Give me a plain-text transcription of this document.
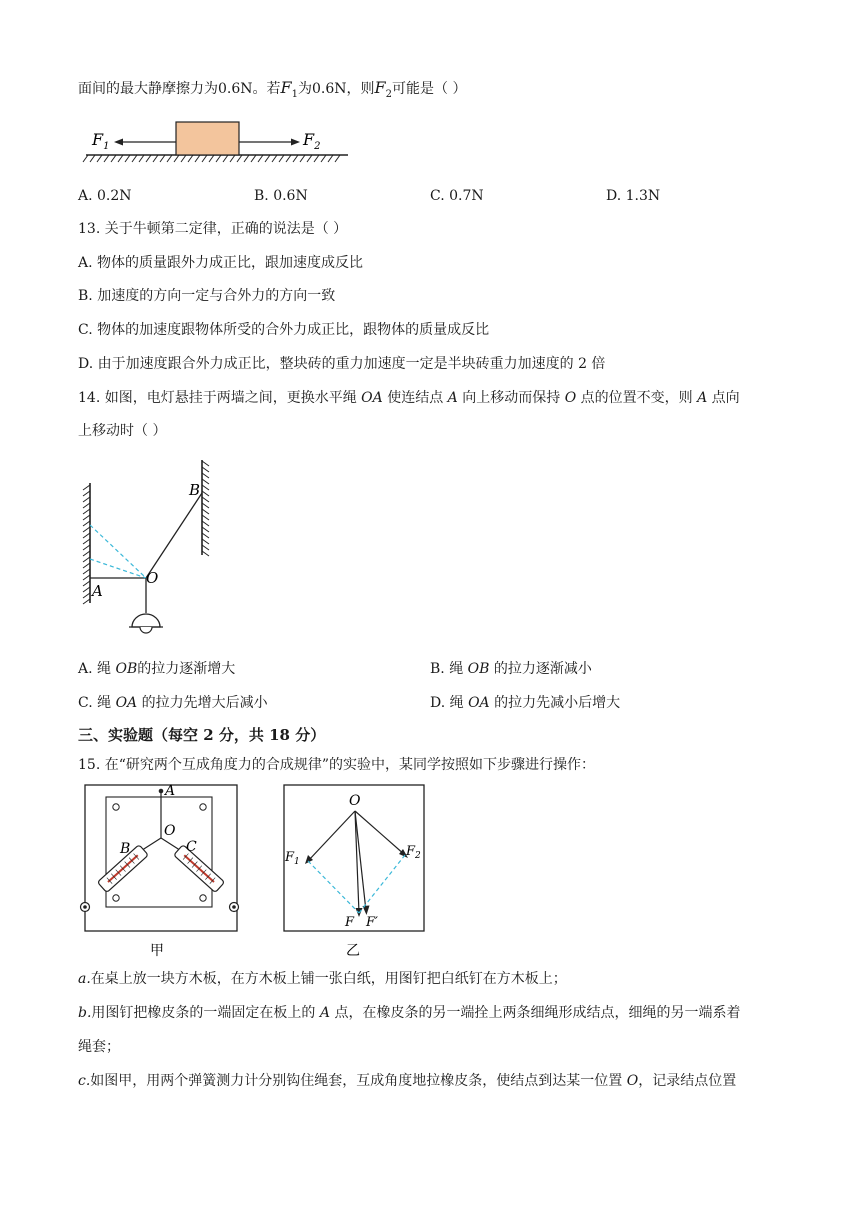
面间的最大静摩擦力为0.6N。若$F_1$为0.6N，则$F_2$可能是（ ）
$F_1$	$F_2$
A. 0.2N	B. 0.6N	C. 0.7N	D. 1.3N
13. 关于牛顿第二定律，正确的说法是（ ）
A. 物体的质量跟外力成正比，跟加速度成反比
B. 加速度的方向一定与合外力的方向一致
C. 物体的加速度跟物体所受的合外力成正比，跟物体的质量成反比
D. 由于加速度跟合外力成正比，整块砖的重力加速度一定是半块砖重力加速度的 2 倍
14. 如图，电灯悬挂于两墙之间，更换水平绳 OA 使连结点 A 向上移动而保持 O 点的位置不变，则 A 点向
上移动时（ ）
B
O
A
A. 绳 OB的拉力逐渐增大	B. 绳 OB 的拉力逐渐减小
C. 绳 OA 的拉力先增大后减小	D. 绳 OA 的拉力先减小后增大
三、实验题（每空 2 分，共 18 分）
15. 在“研究两个互成角度力的合成规律”的实验中，某同学按照如下步骤进行操作：
A
O
B	C
甲
O
$F_1$
$F_2$
F F′
乙
a.在桌上放一块方木板，在方木板上铺一张白纸，用图钉把白纸钉在方木板上；
b.用图钉把橡皮条的一端固定在板上的 A 点，在橡皮条的另一端拴上两条细绳形成结点，细绳的另一端系着
绳套；
c.如图甲，用两个弹簧测力计分别钩住绳套，互成角度地拉橡皮条，使结点到达某一位置 O，记录结点位置
